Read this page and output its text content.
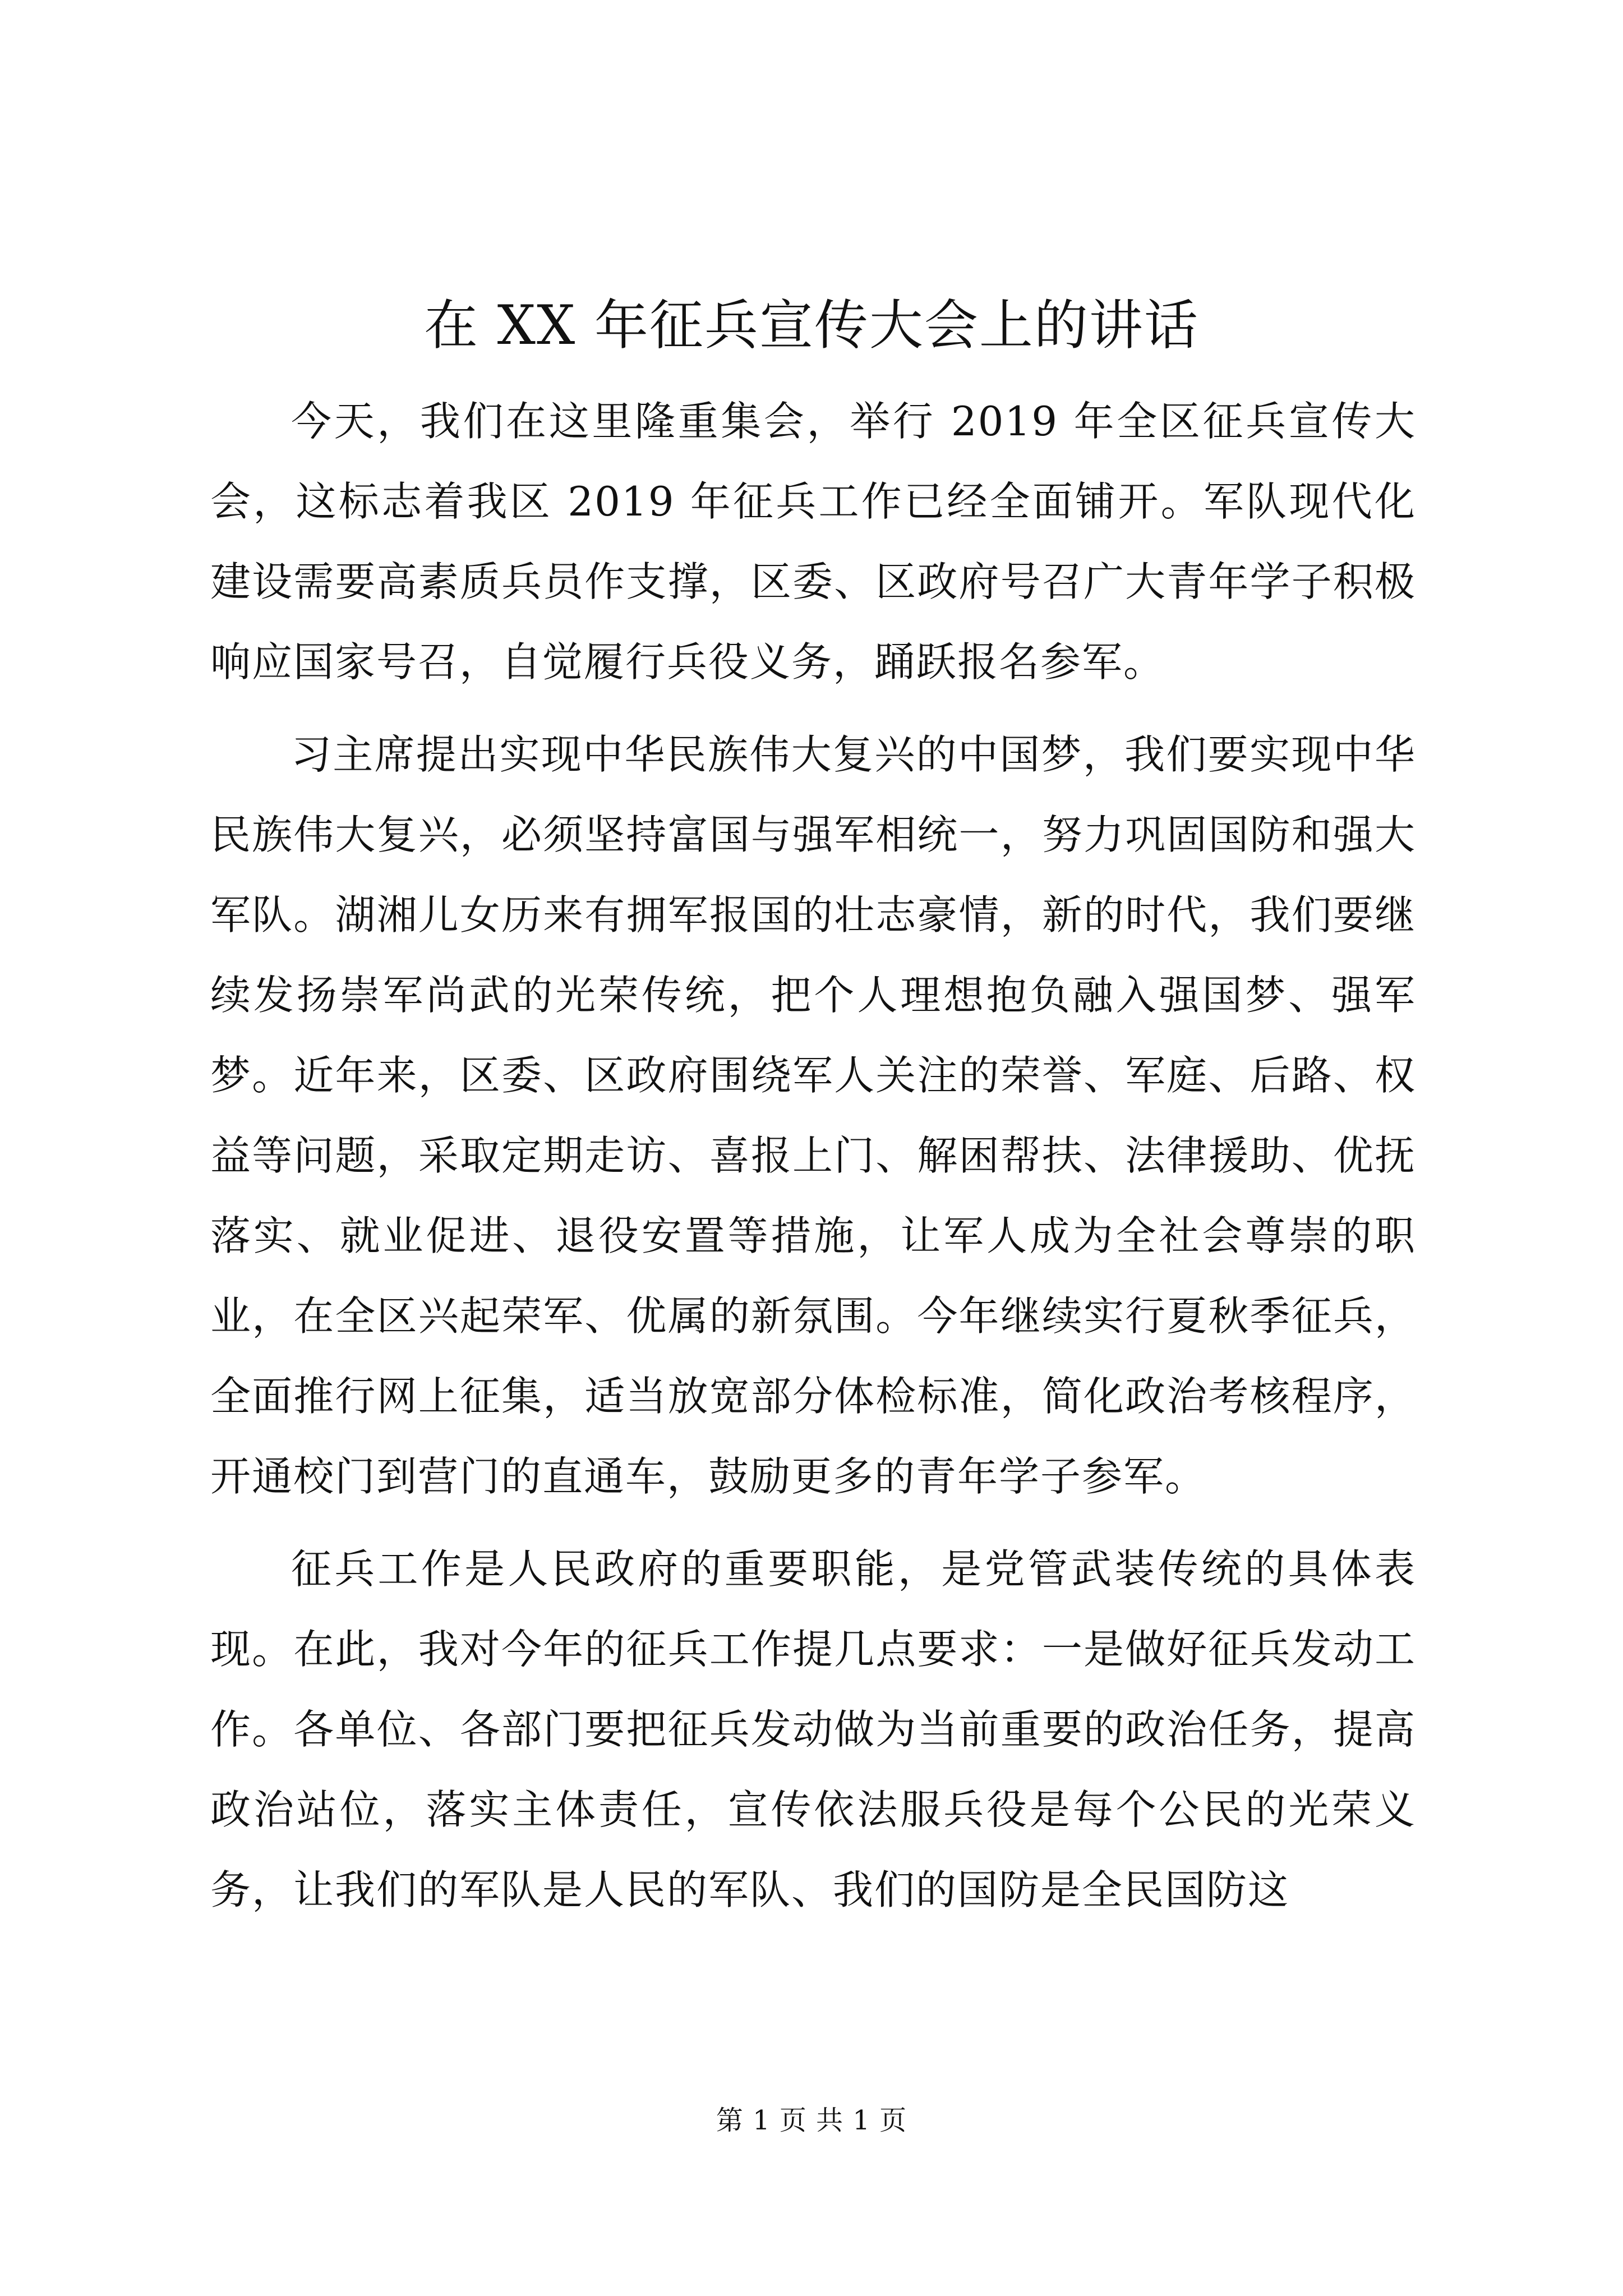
在 XX 年征兵宣传大会上的讲话

今天，我们在这里隆重集会，举行 2019 年全区征兵宣传大会，这标志着我区 2019 年征兵工作已经全面铺开。军队现代化建设需要高素质兵员作支撑，区委、区政府号召广大青年学子积极响应国家号召，自觉履行兵役义务，踊跃报名参军。

习主席提出实现中华民族伟大复兴的中国梦，我们要实现中华民族伟大复兴，必须坚持富国与强军相统一，努力巩固国防和强大军队。湖湘儿女历来有拥军报国的壮志豪情，新的时代，我们要继续发扬崇军尚武的光荣传统，把个人理想抱负融入强国梦、强军梦。近年来，区委、区政府围绕军人关注的荣誉、军庭、后路、权益等问题，采取定期走访、喜报上门、解困帮扶、法律援助、优抚落实、就业促进、退役安置等措施，让军人成为全社会尊崇的职业，在全区兴起荣军、优属的新氛围。今年继续实行夏秋季征兵，全面推行网上征集，适当放宽部分体检标准，简化政治考核程序，开通校门到营门的直通车，鼓励更多的青年学子参军。

征兵工作是人民政府的重要职能，是党管武装传统的具体表现。在此，我对今年的征兵工作提几点要求：一是做好征兵发动工作。各单位、各部门要把征兵发动做为当前重要的政治任务，提高政治站位，落实主体责任，宣传依法服兵役是每个公民的光荣义务，让我们的军队是人民的军队、我们的国防是全民国防这

第 1 页 共 1 页
